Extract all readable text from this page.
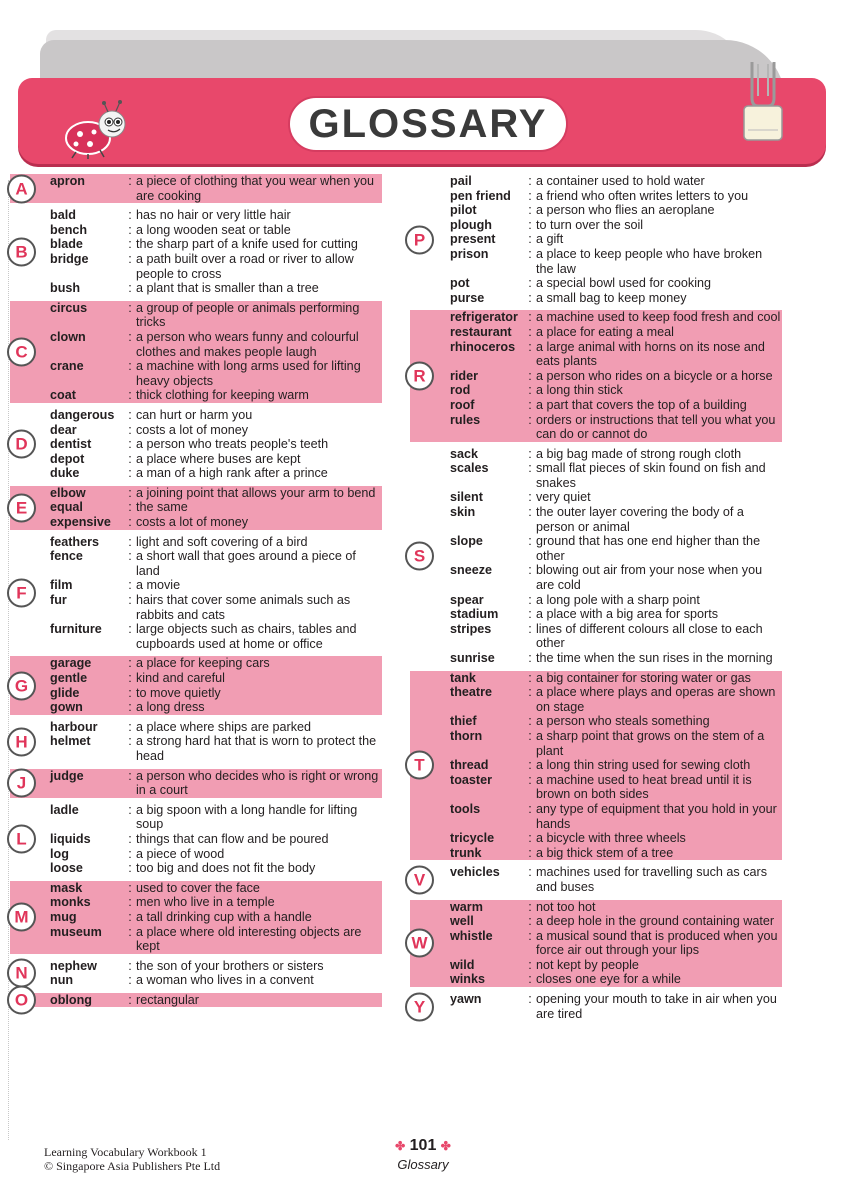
GLOSSARY
A	apron	: a piece of clothing that you wear when you are cooking
B
bald	: has no hair or very little hair
bench	: a long wooden seat or table
blade	: the sharp part of a knife used for cutting
bridge	: a path built over a road or river to allow people to cross
bush	: a plant that is smaller than a tree
C
circus	: a group of people or animals performing tricks
clown	: a person who wears funny and colourful clothes and makes people laugh
crane	: a machine with long arms used for lifting heavy objects
coat	: thick clothing for keeping warm
D
dangerous	: can hurt or harm you
dear	: costs a lot of money
dentist	: a person who treats people's teeth
depot	: a place where buses are kept
duke	: a man of a high rank after a prince
E
elbow	: a joining point that allows your arm to bend
equal	: the same
expensive	: costs a lot of money
F
feathers	: light and soft covering of a bird
fence	: a short wall that goes around a piece of land
film	: a movie
fur	: hairs that cover some animals such as rabbits and cats
furniture	: large objects such as chairs, tables and cupboards used at home or office
G
garage	: a place for keeping cars
gentle	: kind and careful
glide	: to move quietly
gown	: a long dress
H
harbour	: a place where ships are parked
helmet	: a strong hard hat that is worn to protect the head
J	judge	: a person who decides who is right or wrong in a court
L
ladle	: a big spoon with a long handle for lifting soup
liquids	: things that can flow and be poured
log	: a piece of wood
loose	: too big and does not fit the body
M
mask	: used to cover the face
monks	: men who live in a temple
mug	: a tall drinking cup with a handle
museum	: a place where old interesting objects are kept
N	nephew	: the son of your brothers or sisters
nun	: a woman who lives in a convent
O	oblong	: rectangular
P
pail	: a container used to hold water
pen friend	: a friend who often writes letters to you
pilot	: a person who flies an aeroplane
plough	: to turn over the soil
present	: a gift
prison	: a place to keep people who have broken the law
pot	: a special bowl used for cooking
purse	: a small bag to keep money
R
refrigerator : a machine used to keep food fresh and cool
restaurant	: a place for eating a meal
rhinoceros	: a large animal with horns on its nose and eats plants
rider	: a person who rides on a bicycle or a horse
rod	: a long thin stick
roof	: a part that covers the top of a building
rules	: orders or instructions that tell you what you can do or cannot do
S
sack	: a big bag made of strong rough cloth
scales	: small flat pieces of skin found on fish and snakes
silent	: very quiet
skin	: the outer layer covering the body of a person or animal
slope	: ground that has one end higher than the other
sneeze	: blowing out air from your nose when you are cold
spear	: a long pole with a sharp point
stadium	: a place with a big area for sports
stripes	: lines of different colours all close to each other
sunrise	: the time when the sun rises in the morning
T
tank	: a big container for storing water or gas
theatre	: a place where plays and operas are shown on stage
thief	: a person who steals something
thorn	: a sharp point that grows on the stem of a plant
thread	: a long thin string used for sewing cloth
toaster	: a machine used to heat bread until it is brown on both sides
tools	: any type of equipment that you hold in your hands
tricycle	: a bicycle with three wheels
trunk	: a big thick stem of a tree
V	vehicles	: machines used for travelling such as cars and buses
W
warm	: not too hot
well	: a deep hole in the ground containing water
whistle	: a musical sound that is produced when you force air out through your lips
wild	: not kept by people
winks	: closes one eye for a while
Y	yawn	: opening your mouth to take in air when you are tired
Learning Vocabulary Workbook 1
© Singapore Asia Publishers Pte Ltd
✤ 101 ✤
Glossary
